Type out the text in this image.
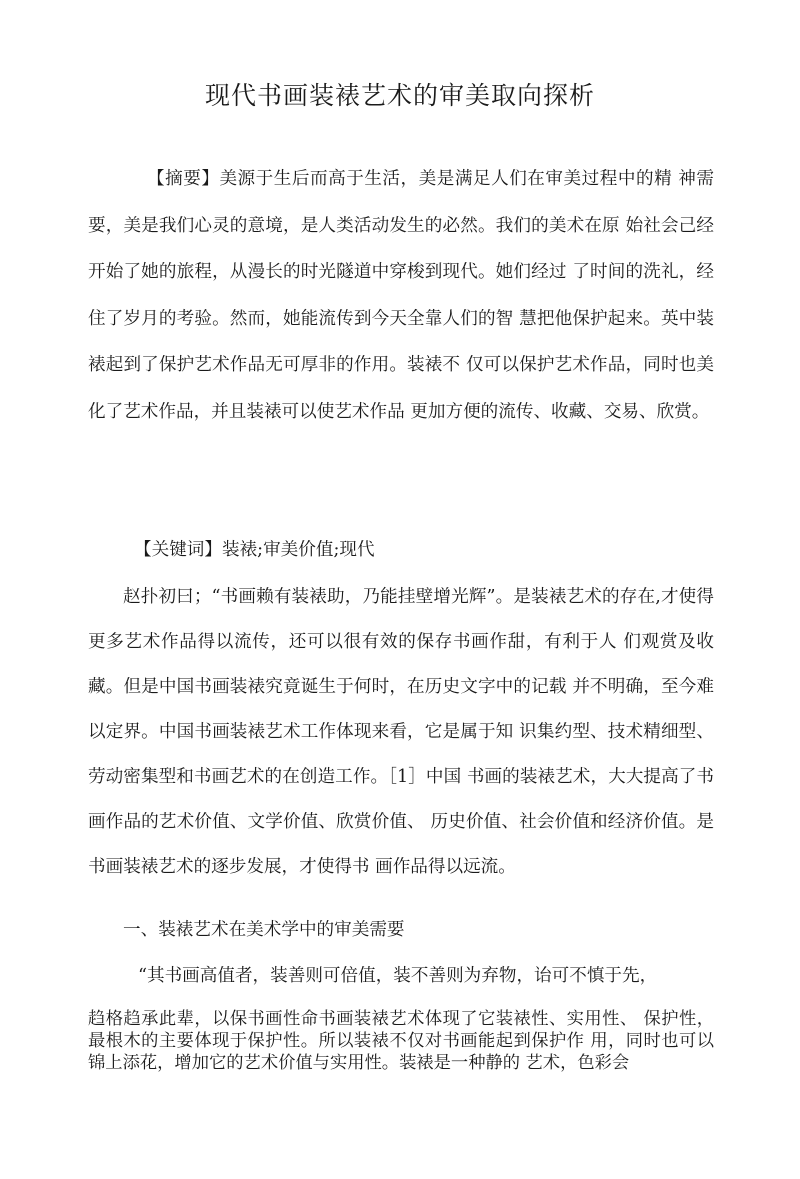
现代书画装裱艺术的审美取向探析

【摘要】美源于生后而高于生活，美是满足人们在审美过程中的精 神需要，美是我们心灵的意境，是人类活动发生的必然。我们的美术在原 始社会己经开始了她的旅程，从漫长的时光隧道中穿梭到现代。她们经过 了时间的洗礼，经住了岁月的考验。然而，她能流传到今天全靠人们的智 慧把他保护起来。英中装裱起到了保护艺术作品无可厚非的作用。装裱不 仅可以保护艺术作品，同时也美化了艺术作品，并且装裱可以使艺术作品 更加方便的流传、收藏、交易、欣赏。

【关键词】装裱;审美价值;现代

赵扑初曰；“书画赖有装裱助，乃能挂壁增光辉”。是装裱艺术的存在,才使得更多艺术作品得以流传，还可以很有效的保存书画作甜，有利于人 们观赏及收藏。但是中国书画装裱究竟诞生于何时，在历史文字中的记载 并不明确，至今难以定界。中国书画装裱艺术工作体现来看，它是属于知 识集约型、技术精细型、劳动密集型和书画艺术的在创造工作。［1］中国 书画的装裱艺术，大大提高了书画作品的艺术价值、文学价值、欣赏价值、 历史价值、社会价值和经济价值。是书画装裱艺术的逐步发展，才使得书 画作品得以远流。

一、装裱艺术在美术学中的审美需要

“其书画高值者，装善则可倍值，装不善则为弃物，诒可不慎于先，

趋格趋承此辈，以保书画性命书画装裱艺术体现了它装裱性、实用性、 保护性，最根木的主要体现于保护性。所以装裱不仅对书画能起到保护作 用，同时也可以锦上添花，增加它的艺术价值与实用性。装裱是一种静的 艺术，色彩会
